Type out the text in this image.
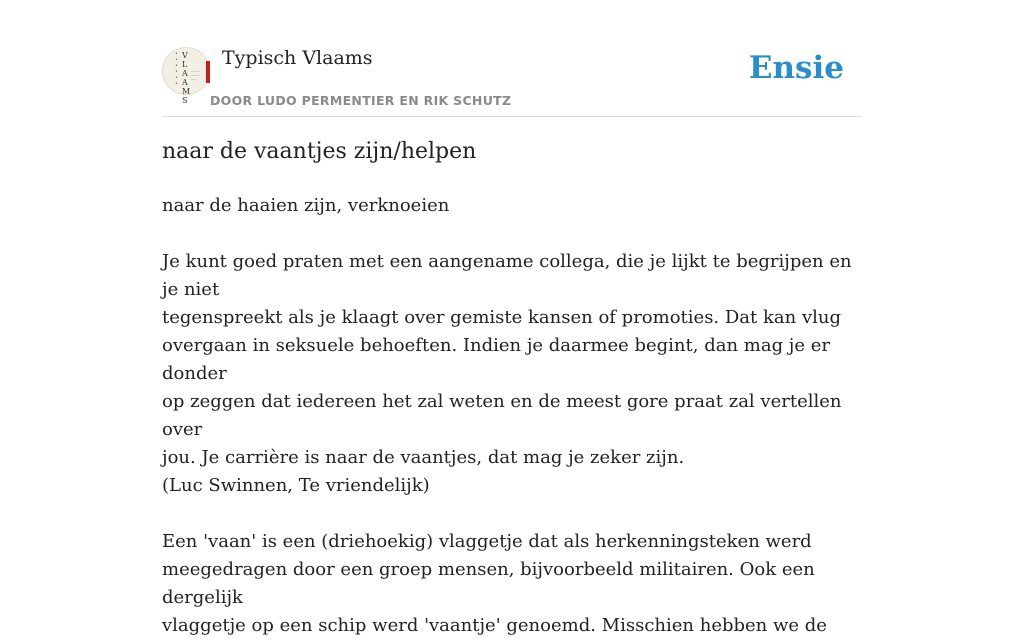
•
•
•
•
•
•
V
L
A
A
M
S
———
———
——
Typisch Vlaams
DOOR LUDO PERMENTIER EN RIK SCHUTZ
Ensie
naar de vaantjes zijn/helpen

naar de haaien zijn, verknoeien

Je kunt goed praten met een aangename collega, die je lijkt te begrijpen en je niet

tegenspreekt als je klaagt over gemiste kansen of promoties. Dat kan vlug

overgaan in seksuele behoeften. Indien je daarmee begint, dan mag je er donder

op zeggen dat iedereen het zal weten en de meest gore praat zal vertellen over

jou. Je carrière is naar de vaantjes, dat mag je zeker zijn.

(Luc Swinnen, Te vriendelijk)

Een 'vaan' is een (driehoekig) vlaggetje dat als herkenningsteken werd

meegedragen door een groep mensen, bijvoorbeeld militairen. Ook een dergelijk

vlaggetje op een schip werd 'vaantje' genoemd. Misschien hebben we de
